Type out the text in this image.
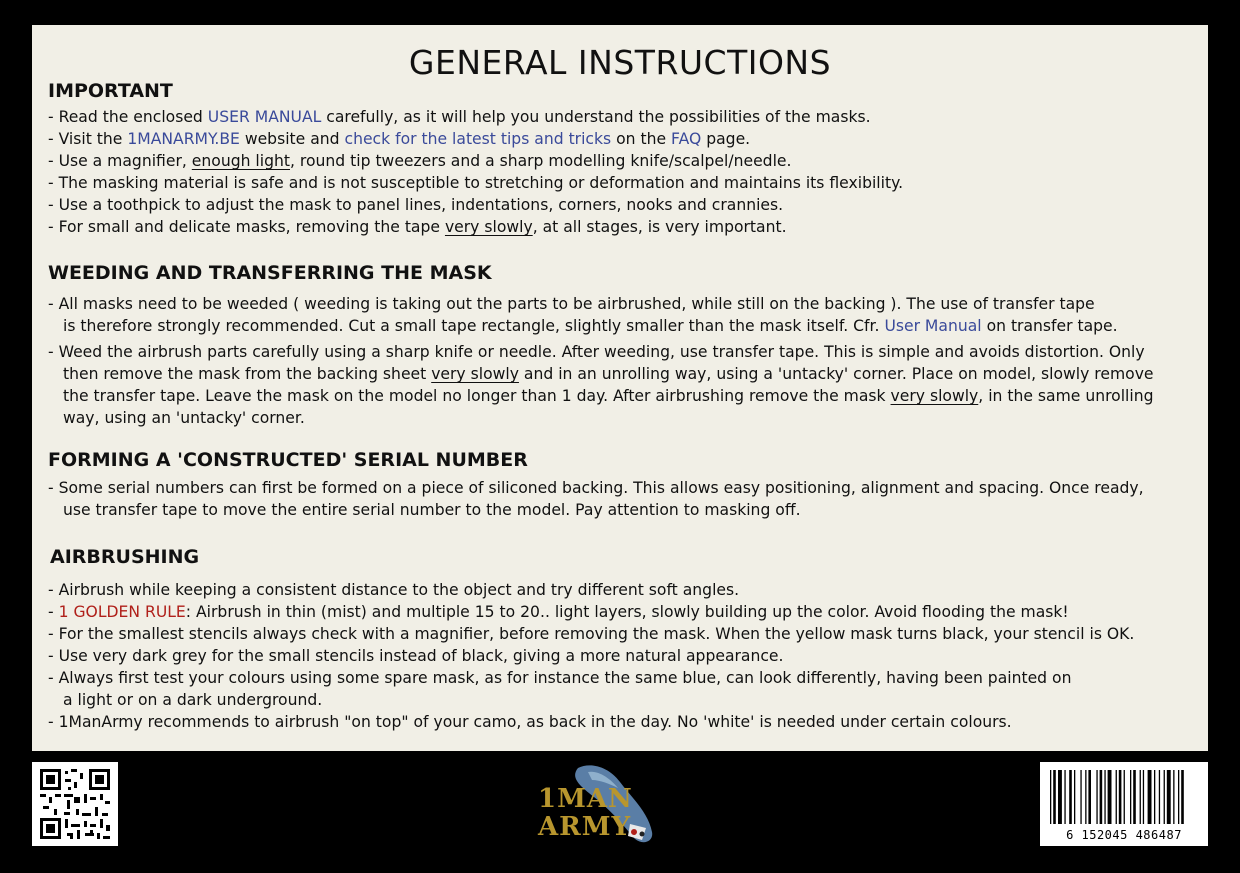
GENERAL INSTRUCTIONS
IMPORTANT
- Read the enclosed USER MANUAL carefully, as it will help you understand the possibilities of the masks.
- Visit the 1MANARMY.BE website and check for the latest tips and tricks on the FAQ page.
- Use a magnifier, enough light, round tip tweezers and a sharp modelling knife/scalpel/needle.
- The masking material is safe and is not susceptible to stretching or deformation and maintains its flexibility.
- Use a toothpick to adjust the mask to panel lines, indentations, corners, nooks and crannies.
- For small and delicate masks, removing the tape very slowly, at all stages, is very important.
WEEDING AND TRANSFERRING THE MASK
- All masks need to be weeded ( weeding is taking out the parts to be airbrushed, while still on the backing ). The use of transfer tape
is therefore strongly recommended. Cut a small tape rectangle, slightly smaller than the mask itself. Cfr. User Manual on transfer tape.
- Weed the airbrush parts carefully using a sharp knife or needle. After weeding, use transfer tape. This is simple and avoids distortion. Only
then remove the mask from the backing sheet very slowly and in an unrolling way, using a 'untacky' corner. Place on model, slowly remove
the transfer tape. Leave the mask on the model no longer than 1 day. After airbrushing remove the mask very slowly, in the same unrolling
way, using an 'untacky' corner.
FORMING A 'CONSTRUCTED' SERIAL NUMBER
- Some serial numbers can first be formed on a piece of siliconed backing. This allows easy positioning, alignment and spacing. Once ready,
use transfer tape to move the entire serial number to the model. Pay attention to masking off.
AIRBRUSHING
- Airbrush while keeping a consistent distance to the object and try different soft angles.
- 1 GOLDEN RULE: Airbrush in thin (mist) and multiple 15 to 20.. light layers, slowly building up the color. Avoid flooding the mask!
- For the smallest stencils always check with a magnifier, before removing the mask. When the yellow mask turns black, your stencil is OK.
- Use very dark grey for the small stencils instead of black, giving a more natural appearance.
- Always first test your colours using some spare mask, as for instance the same blue, can look differently, having been painted on
a light or on a dark underground.
- 1ManArmy recommends to airbrush "on top" of your camo, as back in the day. No 'white' is needed under certain colours.
1MAN
ARMY	6 152045 486487
